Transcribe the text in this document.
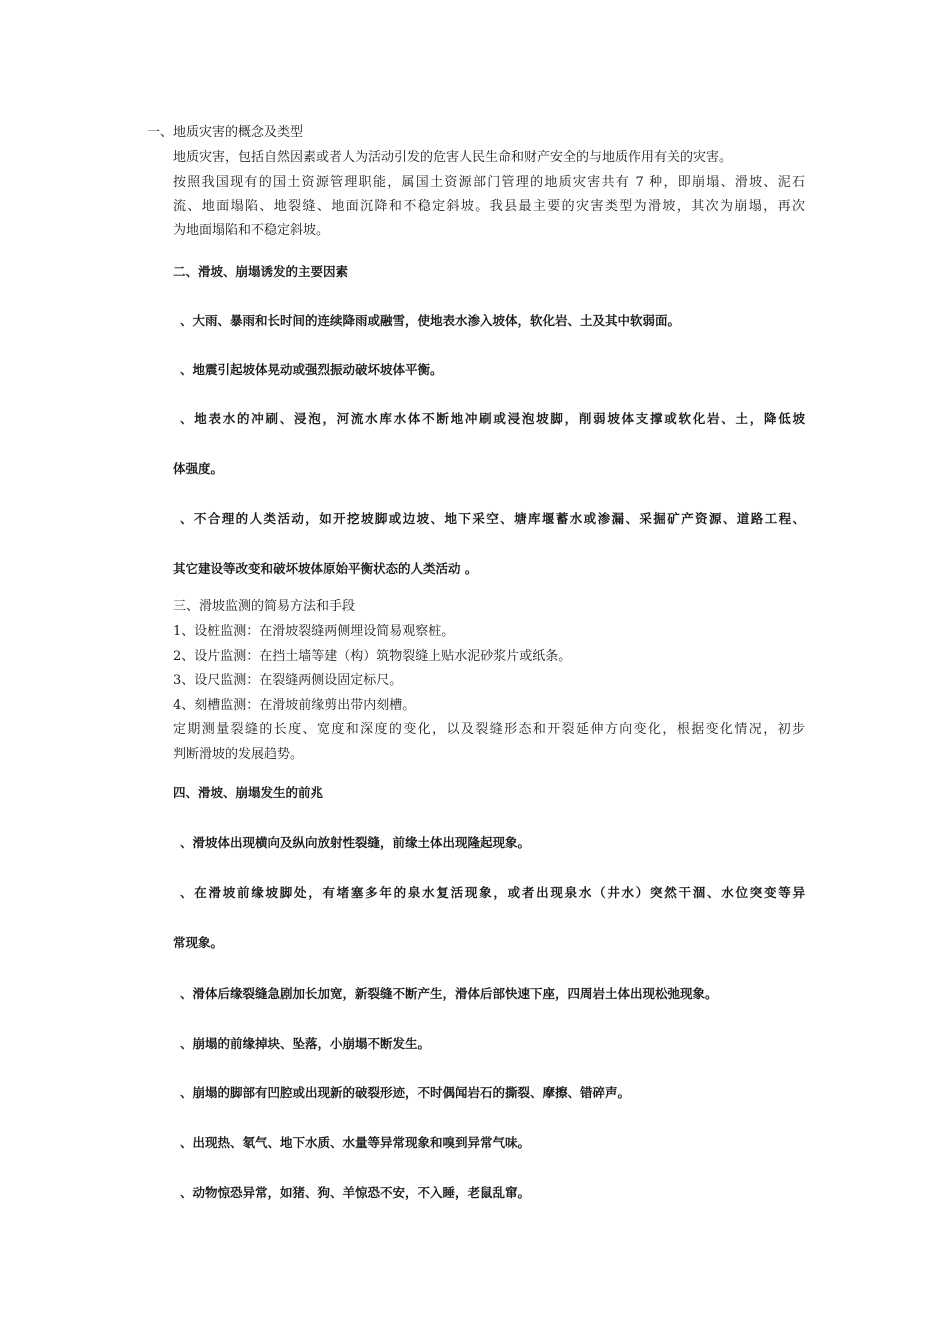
一、地质灾害的概念及类型
地质灾害，包括自然因素或者人为活动引发的危害人民生命和财产安全的与地质作用有关的灾害。
按照我国现有的国土资源管理职能，属国土资源部门管理的地质灾害共有 7 种，即崩塌、滑坡、泥石
流、地面塌陷、地裂缝、地面沉降和不稳定斜坡。我县最主要的灾害类型为滑坡，其次为崩塌，再次
为地面塌陷和不稳定斜坡。
二、滑坡、崩塌诱发的主要因素
、大雨、暴雨和长时间的连续降雨或融雪，使地表水渗入坡体，软化岩、土及其中软弱面。
、地震引起坡体晃动或强烈振动破坏坡体平衡。
、地表水的冲刷、浸泡，河流水库水体不断地冲刷或浸泡坡脚，削弱坡体支撑或软化岩、土，降低坡
体强度。
、不合理的人类活动，如开挖坡脚或边坡、地下采空、塘库堰蓄水或渗漏、采掘矿产资源、道路工程、
其它建设等改变和破坏坡体原始平衡状态的人类活动 。
三、滑坡监测的简易方法和手段
1、设桩监测：在滑坡裂缝两侧埋设简易观察桩。
2、设片监测：在挡土墙等建（构）筑物裂缝上贴水泥砂浆片或纸条。
3、设尺监测：在裂缝两侧设固定标尺。
4、刻槽监测：在滑坡前缘剪出带内刻槽。
定期测量裂缝的长度、宽度和深度的变化，以及裂缝形态和开裂延伸方向变化，根据变化情况，初步
判断滑坡的发展趋势。
四、滑坡、崩塌发生的前兆
、滑坡体出现横向及纵向放射性裂缝，前缘土体出现隆起现象。
、在滑坡前缘坡脚处，有堵塞多年的泉水复活现象，或者出现泉水（井水）突然干涸、水位突变等异
常现象。
、滑体后缘裂缝急剧加长加宽，新裂缝不断产生，滑体后部快速下座，四周岩土体出现松弛现象。
、崩塌的前缘掉块、坠落，小崩塌不断发生。
、崩塌的脚部有凹腔或出现新的破裂形迹，不时偶闻岩石的撕裂、摩擦、错碎声。
、出现热、氡气、地下水质、水量等异常现象和嗅到异常气味。
、动物惊恐异常，如猪、狗、羊惊恐不安，不入睡，老鼠乱窜。
